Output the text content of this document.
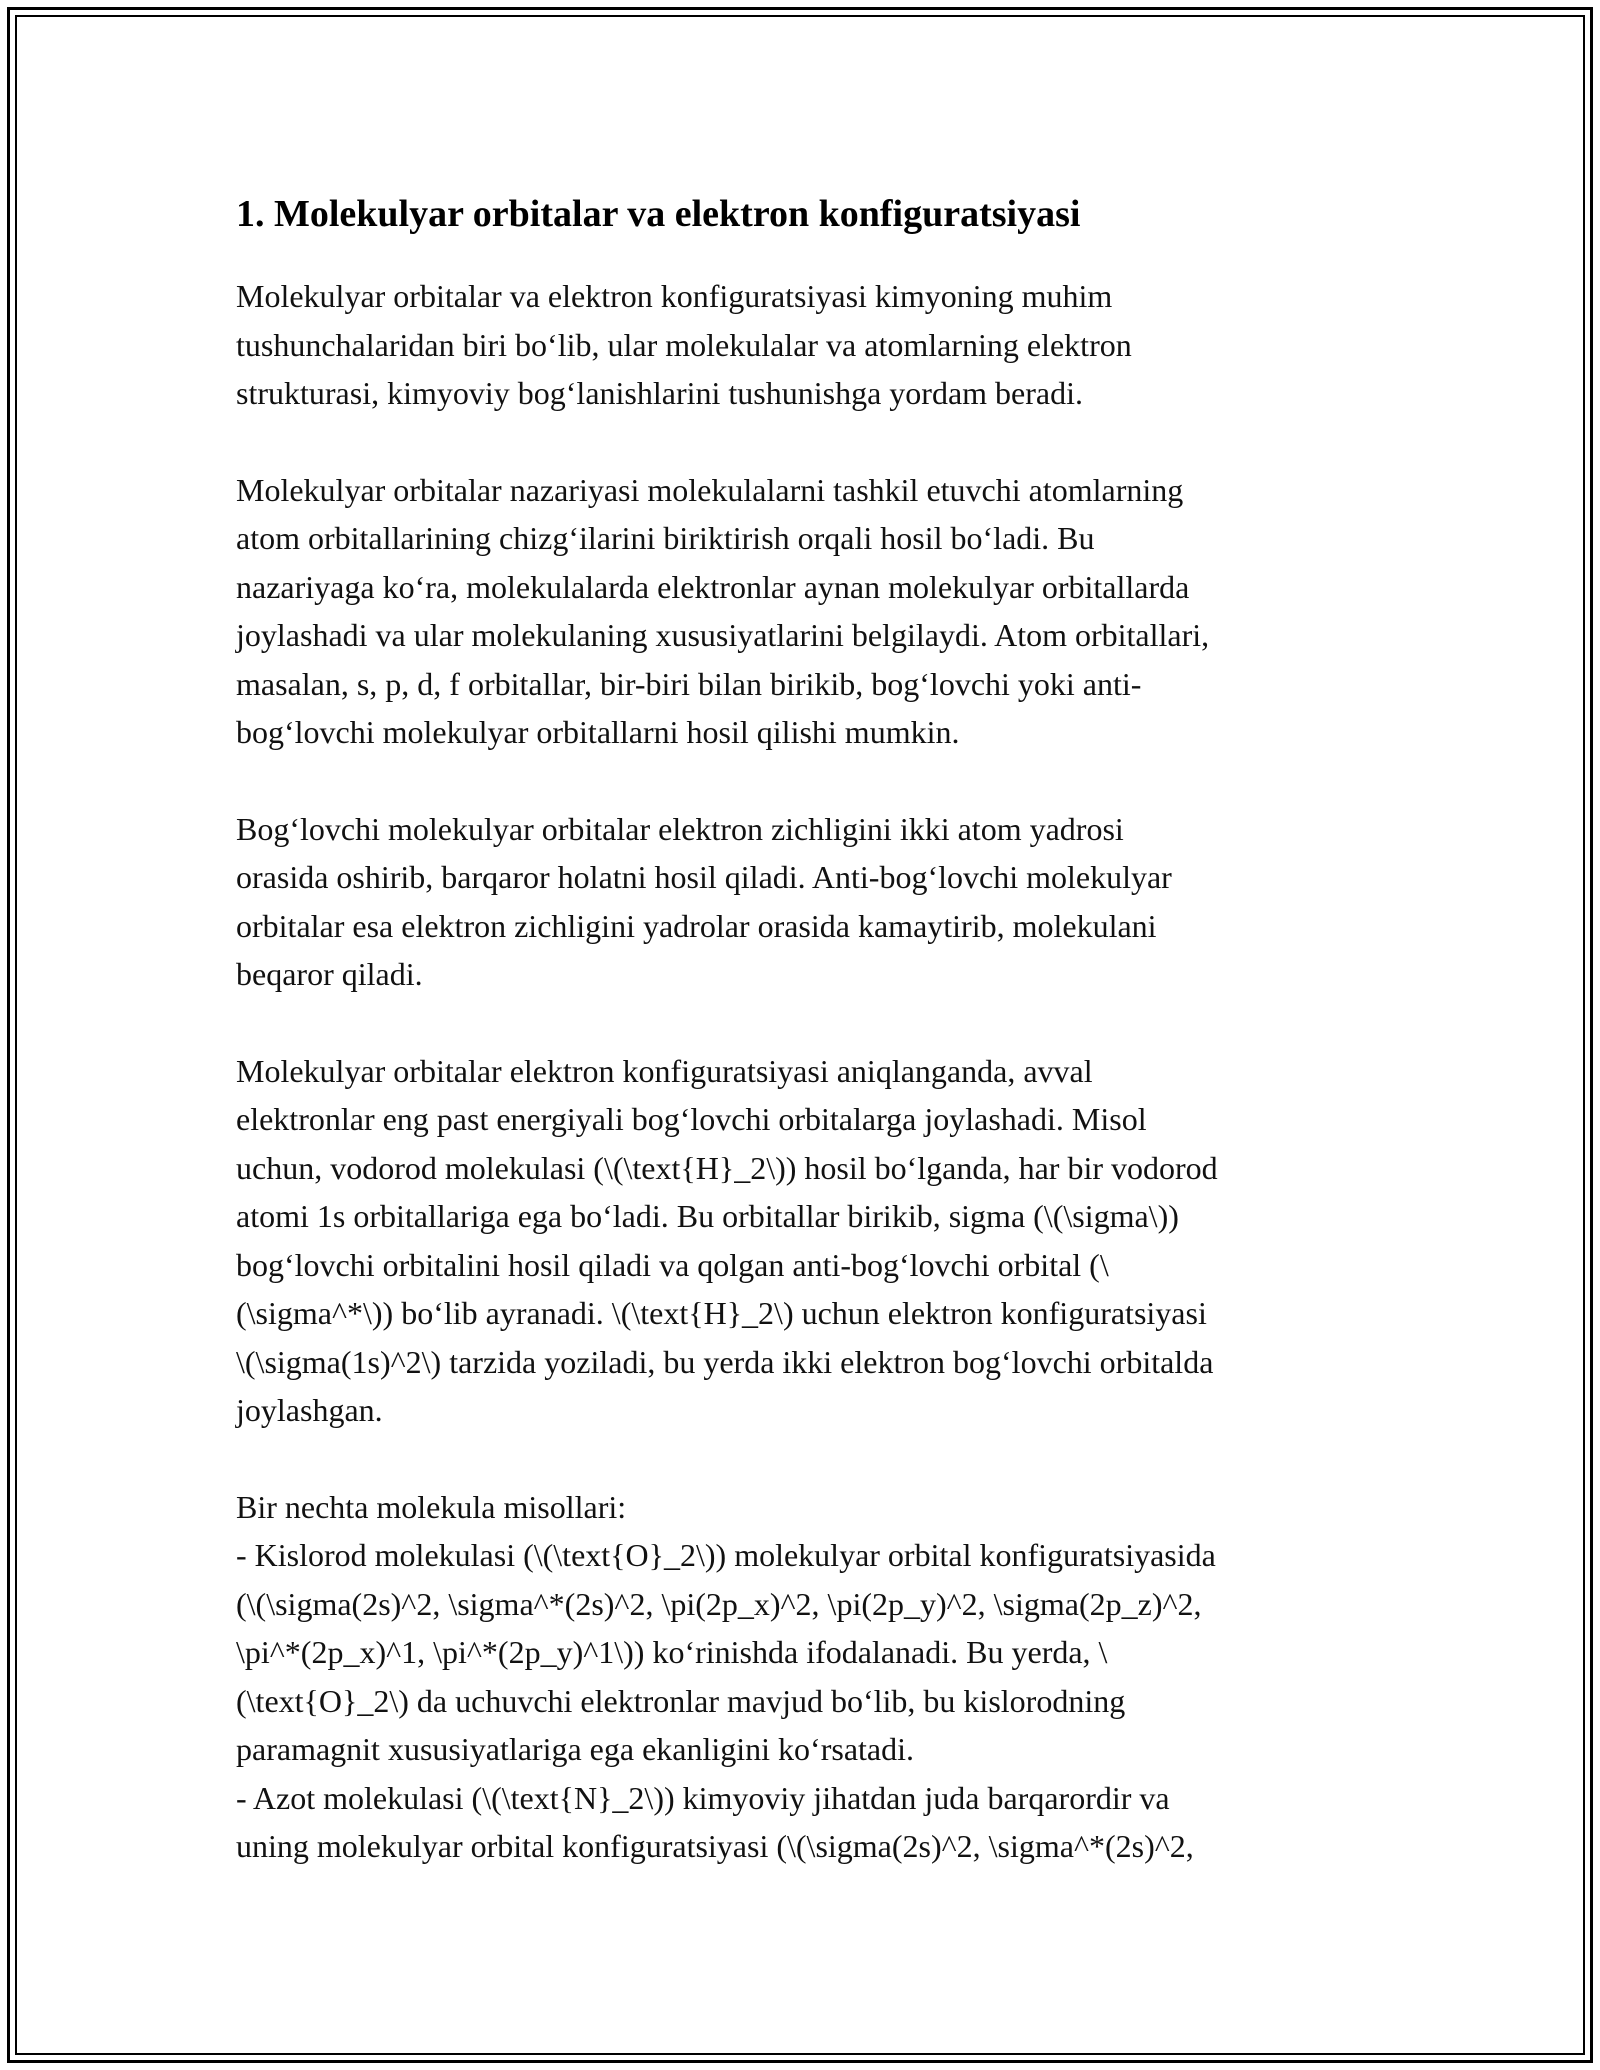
1. Molekulyar orbitalar va elektron konfiguratsiyasi
Molekulyar orbitalar va elektron konfiguratsiyasi kimyoning muhim
tushunchalaridan biri bo‘lib, ular molekulalar va atomlarning elektron
strukturasi, kimyoviy bog‘lanishlarini tushunishga yordam beradi.
Molekulyar orbitalar nazariyasi molekulalarni tashkil etuvchi atomlarning
atom orbitallarining chizg‘ilarini biriktirish orqali hosil bo‘ladi. Bu
nazariyaga ko‘ra, molekulalarda elektronlar aynan molekulyar orbitallarda
joylashadi va ular molekulaning xususiyatlarini belgilaydi. Atom orbitallari,
masalan, s, p, d, f orbitallar, bir-biri bilan birikib, bog‘lovchi yoki anti-
bog‘lovchi molekulyar orbitallarni hosil qilishi mumkin.
Bog‘lovchi molekulyar orbitalar elektron zichligini ikki atom yadrosi
orasida oshirib, barqaror holatni hosil qiladi. Anti-bog‘lovchi molekulyar
orbitalar esa elektron zichligini yadrolar orasida kamaytirib, molekulani
beqaror qiladi.
Molekulyar orbitalar elektron konfiguratsiyasi aniqlanganda, avval
elektronlar eng past energiyali bog‘lovchi orbitalarga joylashadi. Misol
uchun, vodorod molekulasi (\(\text{H}_2\)) hosil bo‘lganda, har bir vodorod
atomi 1s orbitallariga ega bo‘ladi. Bu orbitallar birikib, sigma (\(\sigma\))
bog‘lovchi orbitalini hosil qiladi va qolgan anti-bog‘lovchi orbital (\
(\sigma^*\)) bo‘lib ayranadi. \(\text{H}_2\) uchun elektron konfiguratsiyasi
\(\sigma(1s)^2\) tarzida yoziladi, bu yerda ikki elektron bog‘lovchi orbitalda
joylashgan.
Bir nechta molekula misollari:
- Kislorod molekulasi (\(\text{O}_2\)) molekulyar orbital konfiguratsiyasida
(\(\sigma(2s)^2, \sigma^*(2s)^2, \pi(2p_x)^2, \pi(2p_y)^2, \sigma(2p_z)^2,
\pi^*(2p_x)^1, \pi^*(2p_y)^1\)) ko‘rinishda ifodalanadi. Bu yerda, \
(\text{O}_2\) da uchuvchi elektronlar mavjud bo‘lib, bu kislorodning
paramagnit xususiyatlariga ega ekanligini ko‘rsatadi.
- Azot molekulasi (\(\text{N}_2\)) kimyoviy jihatdan juda barqarordir va
uning molekulyar orbital konfiguratsiyasi (\(\sigma(2s)^2, \sigma^*(2s)^2,
